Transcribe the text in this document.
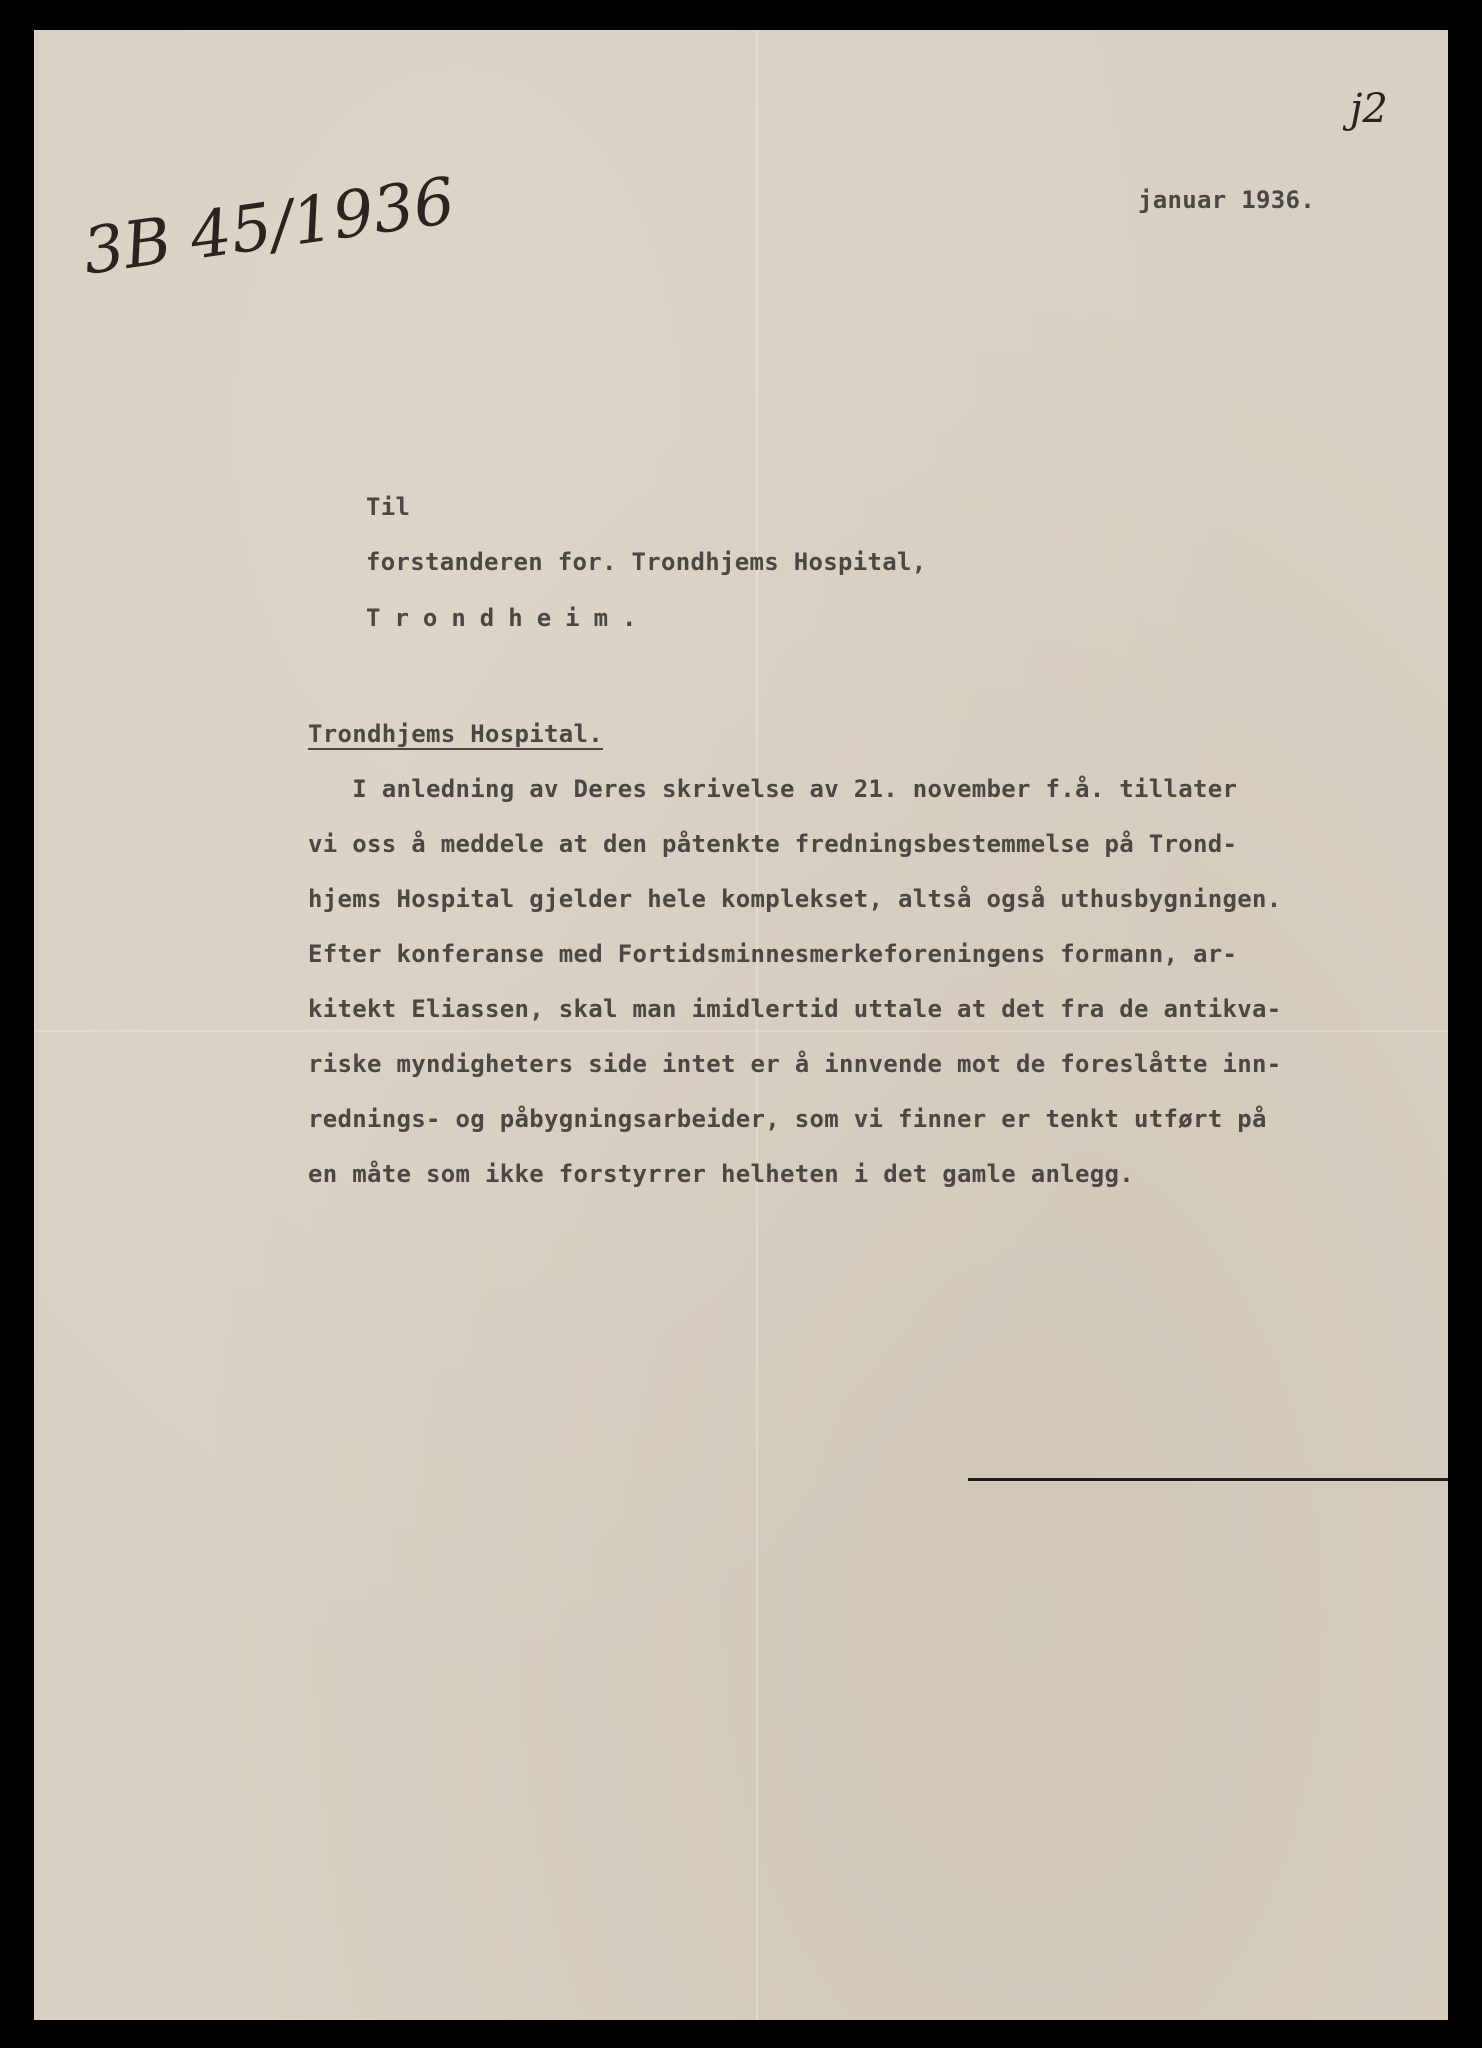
j2
3B 45/1936	januar 1936.
Til
forstanderen for. Trondhjems Hospital,
Trondheim.
Trondhjems Hospital.
I anledning av Deres skrivelse av 21. november f.å. tillater
vi oss å meddele at den påtenkte fredningsbestemmelse på Trond-
hjems Hospital gjelder hele komplekset, altså også uthusbygningen.
Efter konferanse med Fortidsminnesmerkeforeningens formann, ar-
kitekt Eliassen, skal man imidlertid uttale at det fra de antikva-
riske myndigheters side intet er å innvende mot de foreslåtte inn-
rednings- og påbygningsarbeider, som vi finner er tenkt utført på
en måte som ikke forstyrrer helheten i det gamle anlegg.
